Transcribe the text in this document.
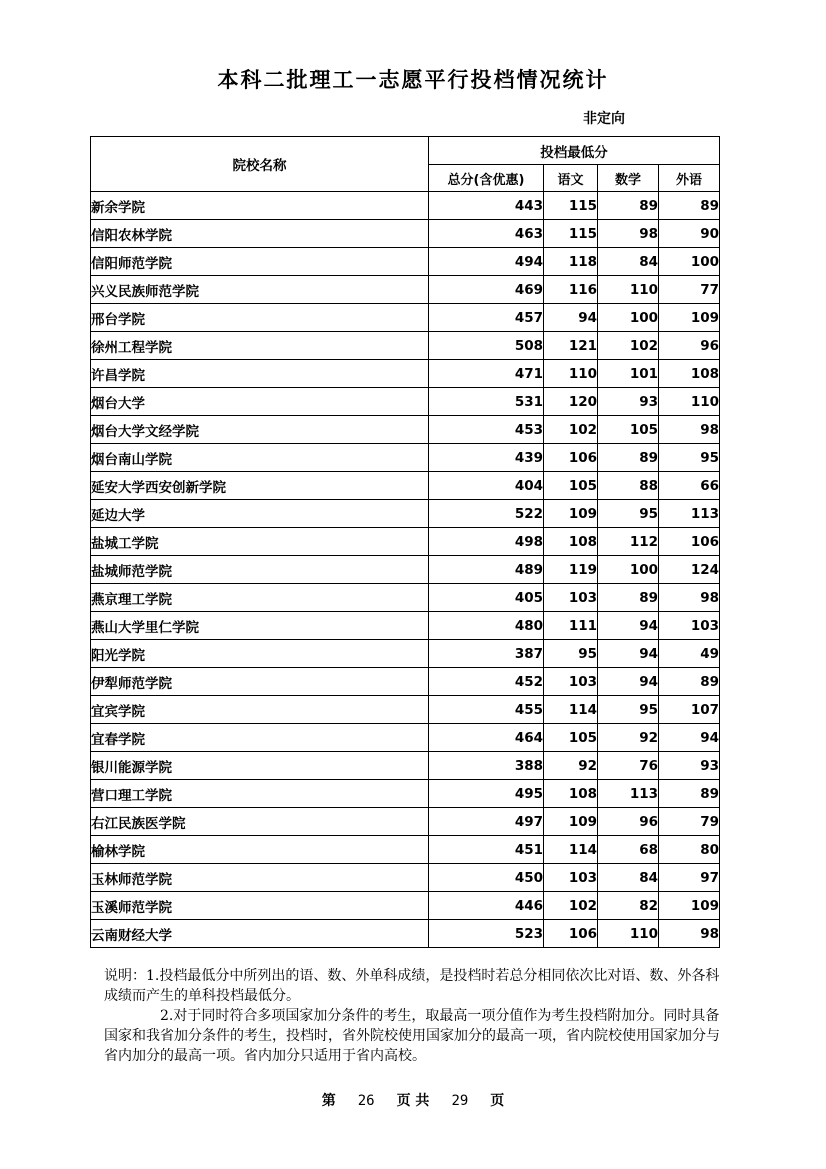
本科二批理工一志愿平行投档情况统计
非定向
院校名称	投档最低分			
	总分(含优惠)	语文	数学	外语
新余学院	443	115	89	89
信阳农林学院	463	115	98	90
信阳师范学院	494	118	84	100
兴义民族师范学院	469	116	110	77
邢台学院	457	94	100	109
徐州工程学院	508	121	102	96
许昌学院	471	110	101	108
烟台大学	531	120	93	110
烟台大学文经学院	453	102	105	98
烟台南山学院	439	106	89	95
延安大学西安创新学院	404	105	88	66
延边大学	522	109	95	113
盐城工学院	498	108	112	106
盐城师范学院	489	119	100	124
燕京理工学院	405	103	89	98
燕山大学里仁学院	480	111	94	103
阳光学院	387	95	94	49
伊犁师范学院	452	103	94	89
宜宾学院	455	114	95	107
宜春学院	464	105	92	94
银川能源学院	388	92	76	93
营口理工学院	495	108	113	89
右江民族医学院	497	109	96	79
榆林学院	451	114	68	80
玉林师范学院	450	103	84	97
玉溪师范学院	446	102	82	109
云南财经大学	523	106	110	98

说明：1.投档最低分中所列出的语、数、外单科成绩，是投档时若总分相同依次比对语、数、外各科成绩而产生的单科投档最低分。

2.对于同时符合多项国家加分条件的考生，取最高一项分值作为考生投档附加分。同时具备国家和我省加分条件的考生，投档时，省外院校使用国家加分的最高一项，省内院校使用国家加分与省内加分的最高一项。省内加分只适用于省内高校。

第 26 页 共 29 页
